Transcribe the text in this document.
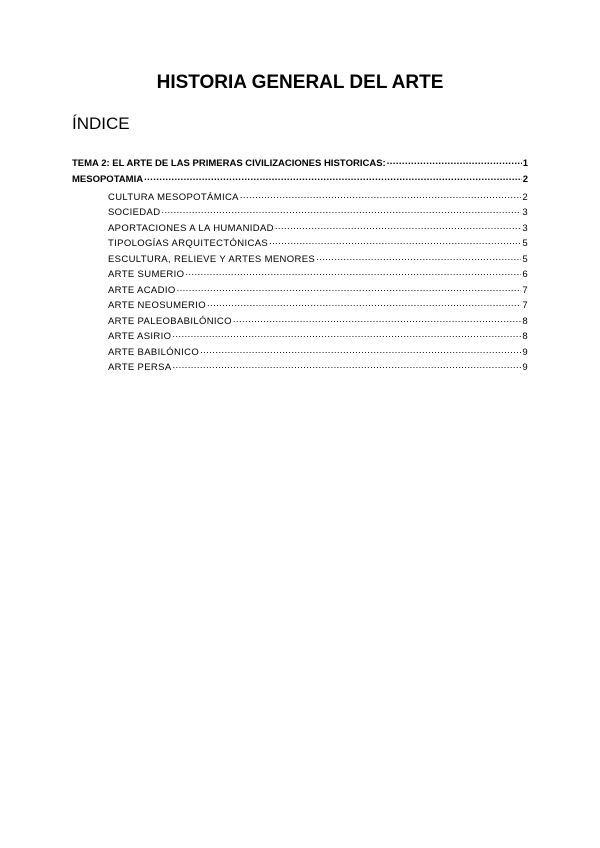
HISTORIA GENERAL DEL ARTE
ÍNDICE
TEMA 2: EL ARTE DE LAS PRIMERAS CIVILIZACIONES HISTÓRICAS: .....	1
MESOPOTAMIA .....	2
CULTURA MESOPOTÁMICA .....	2
SOCIEDAD .....	3
APORTACIONES A LA HUMANIDAD .....	3
TIPOLOGÍAS ARQUITECTÓNICAS .....	5
ESCULTURA, RELIEVE Y ARTES MENORES .....	5
ARTE SUMERIO .....	6
ARTE ACADIO .....	7
ARTE NEOSUMERIO .....	7
ARTE PALEOBABILÓNICO .....	8
ARTE ASIRIO .....	8
ARTE BABILÓNICO .....	9
ARTE PERSA .....	9
